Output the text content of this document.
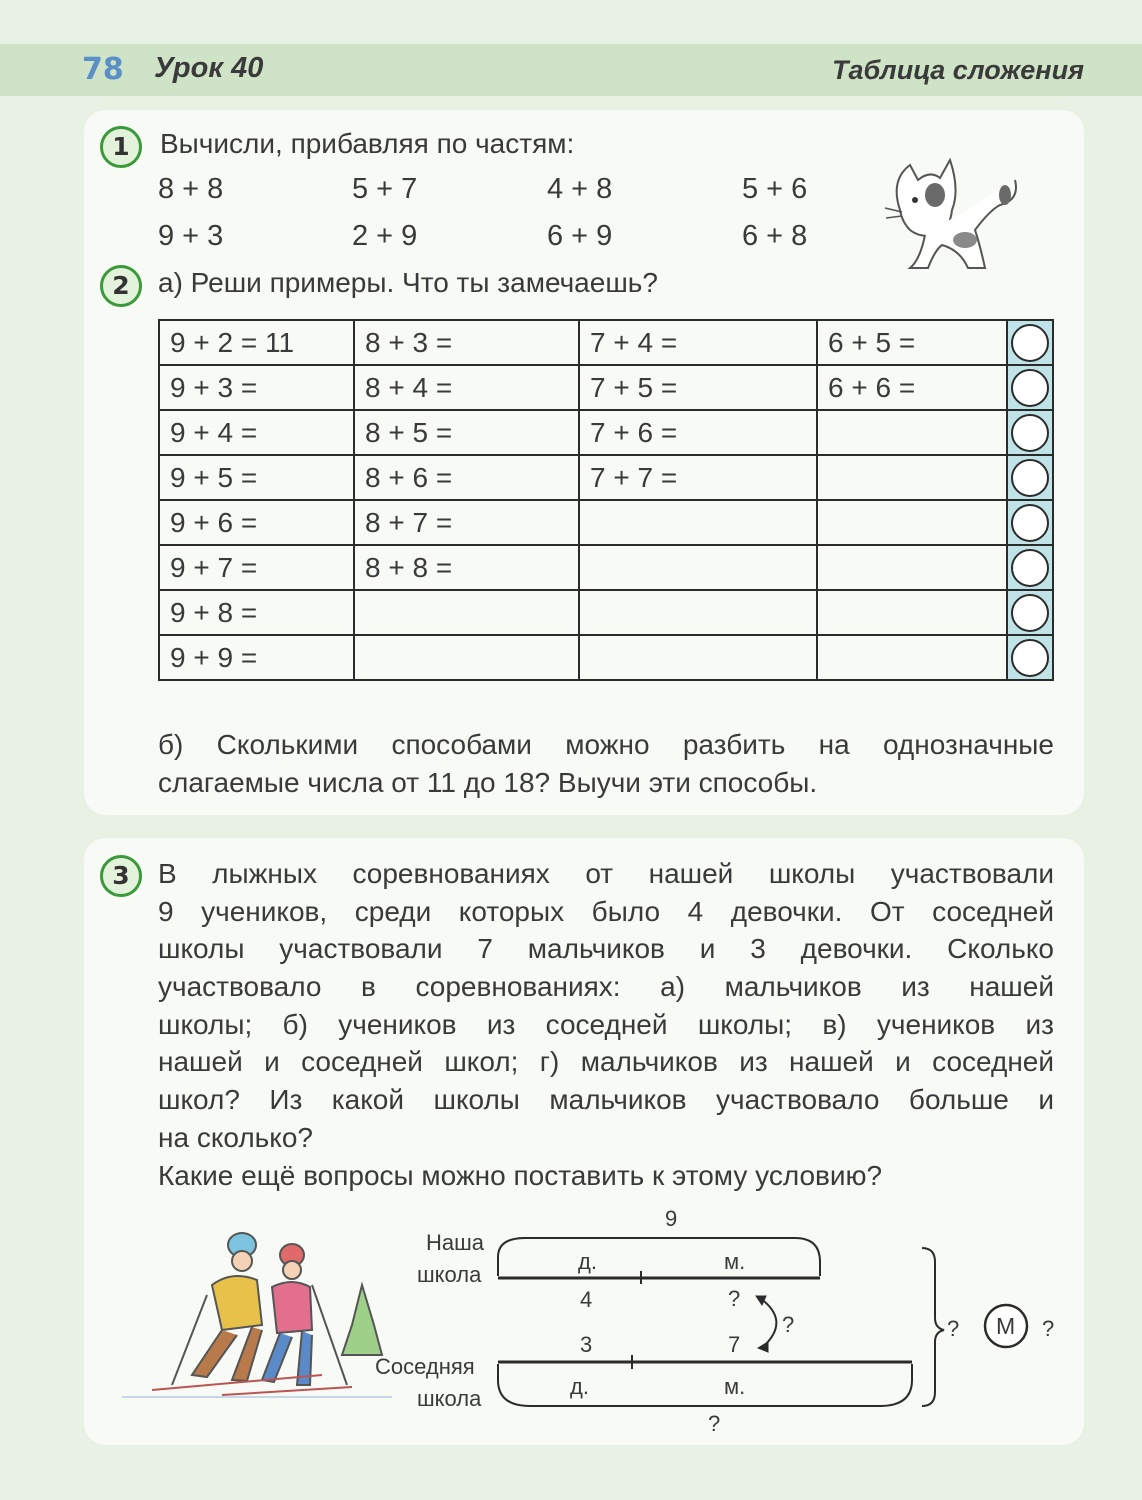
78 Урок 40	Таблица сложения
1	Вычисли, прибавляя по частям:
8 + 8	5 + 7	4 + 8	5 + 6
9 + 3	2 + 9	6 + 9	6 + 8
2	а) Реши примеры. Что ты замечаешь?
9 + 2 = 11	8 + 3 =	7 + 4 =	6 + 5 =	
9 + 3 =	8 + 4 =	7 + 5 =	6 + 6 =	
9 + 4 =	8 + 5 =	7 + 6 =		
9 + 5 =	8 + 6 =	7 + 7 =		
9 + 6 =	8 + 7 =			
9 + 7 =	8 + 8 =			
9 + 8 =				
9 + 9 =				
б) Сколькими способами можно разбить на однозначные
слагаемые числа от 11 до 18? Выучи эти способы.
3	В лыжных соревнованиях от нашей школы участвовали
9 учеников, среди которых было 4 девочки. От соседней
школы участвовали 7 мальчиков и 3 девочки. Сколько
участвовало в соревнованиях: а) мальчиков из нашей
школы; б) учеников из соседней школы; в) учеников из
нашей и соседней школ; г) мальчиков из нашей и соседней
школ? Из какой школы мальчиков участвовало больше и
на сколько?
Какие ещё вопросы можно поставить к этому условию?
Наша
школа
Соседняя
школа
9
д.	м.
4	?
3	7
?
д.	м.
?
? М ?
